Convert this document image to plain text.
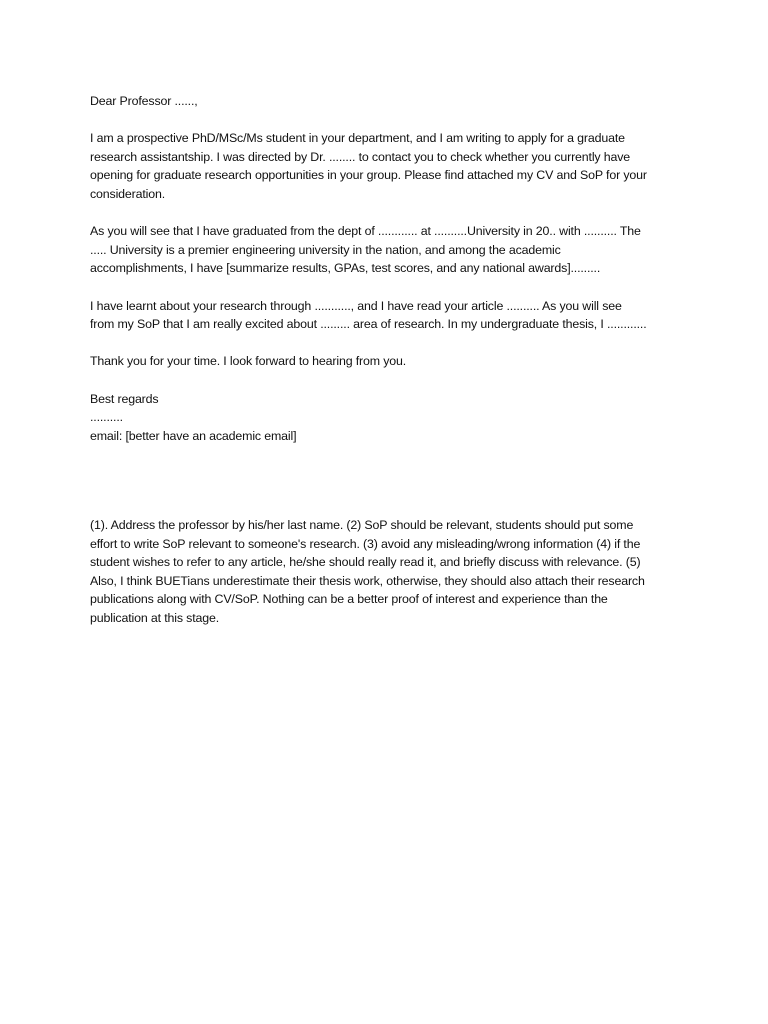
Dear Professor ......,

I am a prospective PhD/MSc/Ms student in your department, and I am writing to apply for a graduate
research assistantship. I was directed by Dr. ........ to contact you to check whether you currently have
opening for graduate research opportunities in your group. Please find attached my CV and SoP for your
consideration.

As you will see that I have graduated from the dept of ............ at ..........University in 20.. with .......... The
..... University is a premier engineering university in the nation, and among the academic
accomplishments, I have [summarize results, GPAs, test scores, and any national awards].........

I have learnt about your research through ..........., and I have read your article .......... As you will see
from my SoP that I am really excited about ......... area of research. In my undergraduate thesis, I ............

Thank you for your time. I look forward to hearing from you.

Best regards

..........

email: [better have an academic email]

(1). Address the professor by his/her last name. (2) SoP should be relevant, students should put some
effort to write SoP relevant to someone's research. (3) avoid any misleading/wrong information (4) if the
student wishes to refer to any article, he/she should really read it, and briefly discuss with relevance. (5)
Also, I think BUETians underestimate their thesis work, otherwise, they should also attach their research
publications along with CV/SoP. Nothing can be a better proof of interest and experience than the
publication at this stage.
